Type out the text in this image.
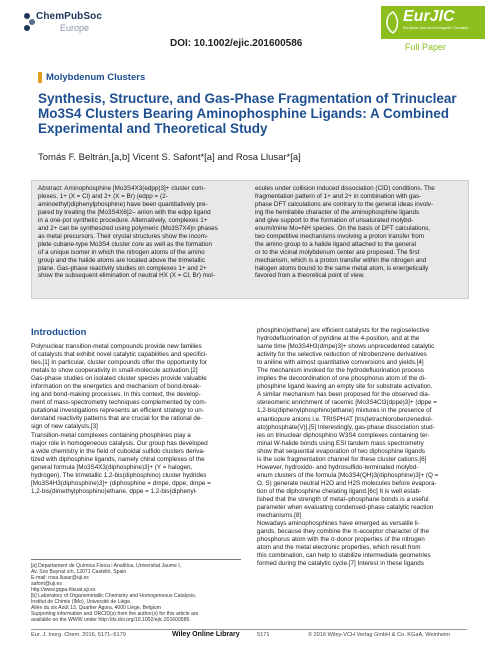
ChemPubSoc
Europe
DOI: 10.1002/ejic.201600586
EurJIC
European Journal of Inorganic Chemistry
Full Paper
Molybdenum Clusters
Synthesis, Structure, and Gas-Phase Fragmentation of Trinuclear Mo3S4 Clusters Bearing Aminophosphine Ligands: A Combined Experimental and Theoretical Study
Tomás F. Beltrán,[a,b] Vicent S. Safont*[a] and Rosa Llusar*[a]
Abstract: Aminophosphine [Mo3S4X3(edpp)3]+ cluster com-
plexes, 1+ (X = Cl) and 2+ (X = Br) (edpp = (2-
aminoethyl)diphenylphosphine) have been quantitatively pre-
pared by treating the [Mo3S4X6]2– anion with the edpp ligand
in a one-pot synthetic procedure. Alternatively, complexes 1+
and 2+ can be synthesized using polymeric {Mo3S7X4}n phases
as metal precursors. Their crystal structures show the incom-
plete cubane-type Mo3S4 cluster core as well as the formation
of a unique isomer in which the nitrogen atoms of the amino
group and the halide atoms are located above the trimetallic
plane. Gas-phase reactivity studies on complexes 1+ and 2+
show the subsequent elimination of neutral HX (X = Cl, Br) mol-
ecules under collision induced dissociation (CID) conditions. The
fragmentation pattern of 1+ and 2+ in combination with gas-
phase DFT calculations are contrary to the general ideas involv-
ing the hemilabile character of the aminophosphine ligands
and give support to the formation of unsaturated molybd-
enum/imine Mo=NH species. On the basis of DFT calculations,
two competitive mechanisms involving a proton transfer from
the amino group to a halide ligand attached to the general
or to the vicinal molybdenum center are proposed. The first
mechanism, which is a proton transfer within the nitrogen and
halogen atoms bound to the same metal atom, is energetically
favored from a theoretical point of view.
Introduction
Polynuclear transition-metal compounds provide new families
of catalysts that exhibit novel catalytic capabilities and specifici-
ties.[1] In particular, cluster compounds offer the opportunity for
metals to show cooperativity in small-molecule activation.[2]
Gas-phase studies on isolated cluster species provide valuable
information on the energetics and mechanism of bond-break-
ing and bond-making processes. In this context, the develop-
ment of mass-spectrometry techniques complemented by com-
putational investigations represents an efficient strategy to un-
derstand reactivity patterns that are crucial for the rational de-
sign of new catalysts.[3]
Transition-metal complexes containing phosphines play a
major role in homogeneous catalysis. Our group has developed
a wide chemistry in the field of cuboidal sulfido clusters deriva-
tized with diphosphine ligands, namely chiral complexes of the
general formula [Mo3S4X3(diphosphine)3]+ (Y = halogen,
hydrogen). The trimetallic 1,2-bis(diphosphino) cluster hydrides
[Mo3S4H3(diphosphine)3]+ (diphosphine = dmpe, dppe; dmpe =
1,2-bis(dimethylphosphino)ethane, dppe = 1,2-bis(diphenyl-
phosphino)ethane] are efficient catalysts for the regioselective
hydrodefluorination of pyridine at the 4-position, and at the
same time [Mo3S4H3(dmpe)3]+ shows unprecedented catalytic
activity for the selective reduction of nitrobenzene derivatives
to aniline with almost quantitative conversions and yields.[4]
The mechanism invoked for the hydrodefluorination process
implies the decoordination of one phosphorus atom of the di-
phosphine ligand leaving an empty site for substrate activation.
A similar mechanism has been proposed for the observed dia-
stereomeric enrichment of racemic [Mo3S4Cl3(dppe)3]+ (dppe =
1,2-bis(diphenylphosphino)ethane) mixtures in the presence of
enantiopure anions i.e. TRISPHAT [tris(tetrachlorobenzenediol-
ato)phosphate(V)].[5] Interestingly, gas-phase dissociation stud-
ies on trinuclear diphosphino W3S4 complexes containing ter-
minal W-halide bonds using ESI tandem mass spectrometry
show that sequential evaporation of two diphosphine ligands
is the sole fragmentation channel for these cluster cations.[6]
However, hydroxido- and hydrosulfido-terminated molybd-
enum clusters of the formula [Mo3S4(QH)3(diphosphine)3]+ (Q =
O, S) generate neutral H2O and H2S molecules before evapora-
tion of the diphosphine chelating ligand.[6c] It is well estab-
lished that the strength of metal–phosphane bonds is a useful
parameter when evaluating condensed-phase catalytic reaction
mechanisms.[8]
Nowadays aminophosphines have emerged as versatile li-
gands, because they combine the π-acceptor character of the
phosphorus atom with the σ-donor properties of the nitrogen
atom and the metal electronic properties, which result from
this combination, can help to stabilize intermediate geometries
formed during the catalytic cycle.[7] Interest in these ligands
[a] Departament de Química Física i Analítica, Universitat Jaume I,
Av. Sos Baynat s/n, 12071 Castelló, Spain
E-mail: rosa.llusar@uji.es
safont@uji.es
http://www.gqpa-fiisuat.uji.es
[b] Laboratory of Organometallic Chemistry and Homogeneous Catalysis,
Institut de Chimie (IMo), Université de Liège,
Allée du six Août 13, Quartier Agora, 4000 Liège, Belgium
Supporting information and ORCID(s) from the author(s) for this article are
available on the WWW under http://dx.doi.org/10.1002/ejic.201600586.
Eur. J. Inorg. Chem. 2016, 5171–5179	Wiley Online Library	5171	© 2016 Wiley-VCH Verlag GmbH & Co. KGaA, Weinheim
